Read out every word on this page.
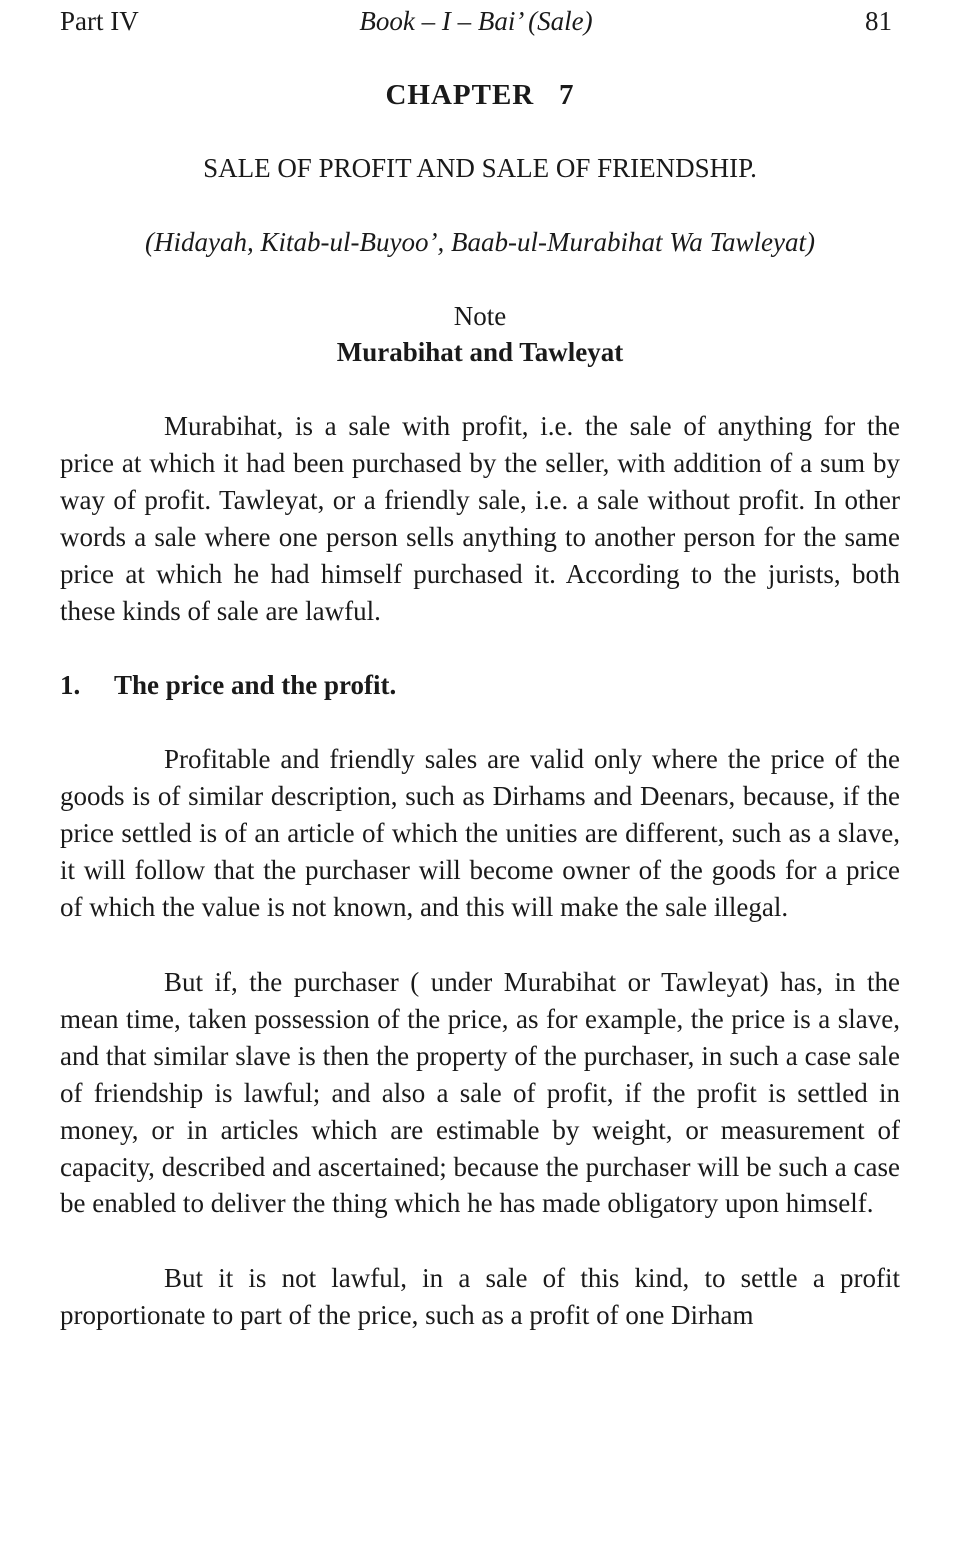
Part IV	Book – I – Bai’ (Sale)	81

CHAPTER   7

SALE OF PROFIT AND SALE OF FRIENDSHIP.

(Hidayah, Kitab-ul-Buyoo’, Baab-ul-Murabihat Wa Tawleyat)

Note

Murabihat and Tawleyat

Murabihat, is a sale with profit, i.e. the sale of anything for the price at which it had been purchased by the seller, with addition of a sum by way of profit. Tawleyat, or a friendly sale, i.e. a sale without profit. In other words a sale where one person sells anything to another person for the same price at which he had himself purchased it. According to the jurists, both these kinds of sale are lawful.

1. The price and the profit.

Profitable and friendly sales are valid only where the price of the goods is of similar description, such as Dirhams and Deenars, because, if the price settled is of an article of which the unities are different, such as a slave, it will follow that the purchaser will become owner of the goods for a price of which the value is not known, and this will make the sale illegal.

But if, the purchaser ( under Murabihat or Tawleyat) has, in the mean time, taken possession of the price, as for example, the price is a slave, and that similar slave is then the property of the purchaser, in such a case sale of friendship is lawful; and also a sale of profit, if the profit is settled in money, or in articles which are estimable by weight, or measurement of capacity, described and ascertained; because the purchaser will be such a case be enabled to deliver the thing which he has made obligatory upon himself.

But it is not lawful, in a sale of this kind, to settle a profit proportionate to part of the price, such as a profit of one Dirham
